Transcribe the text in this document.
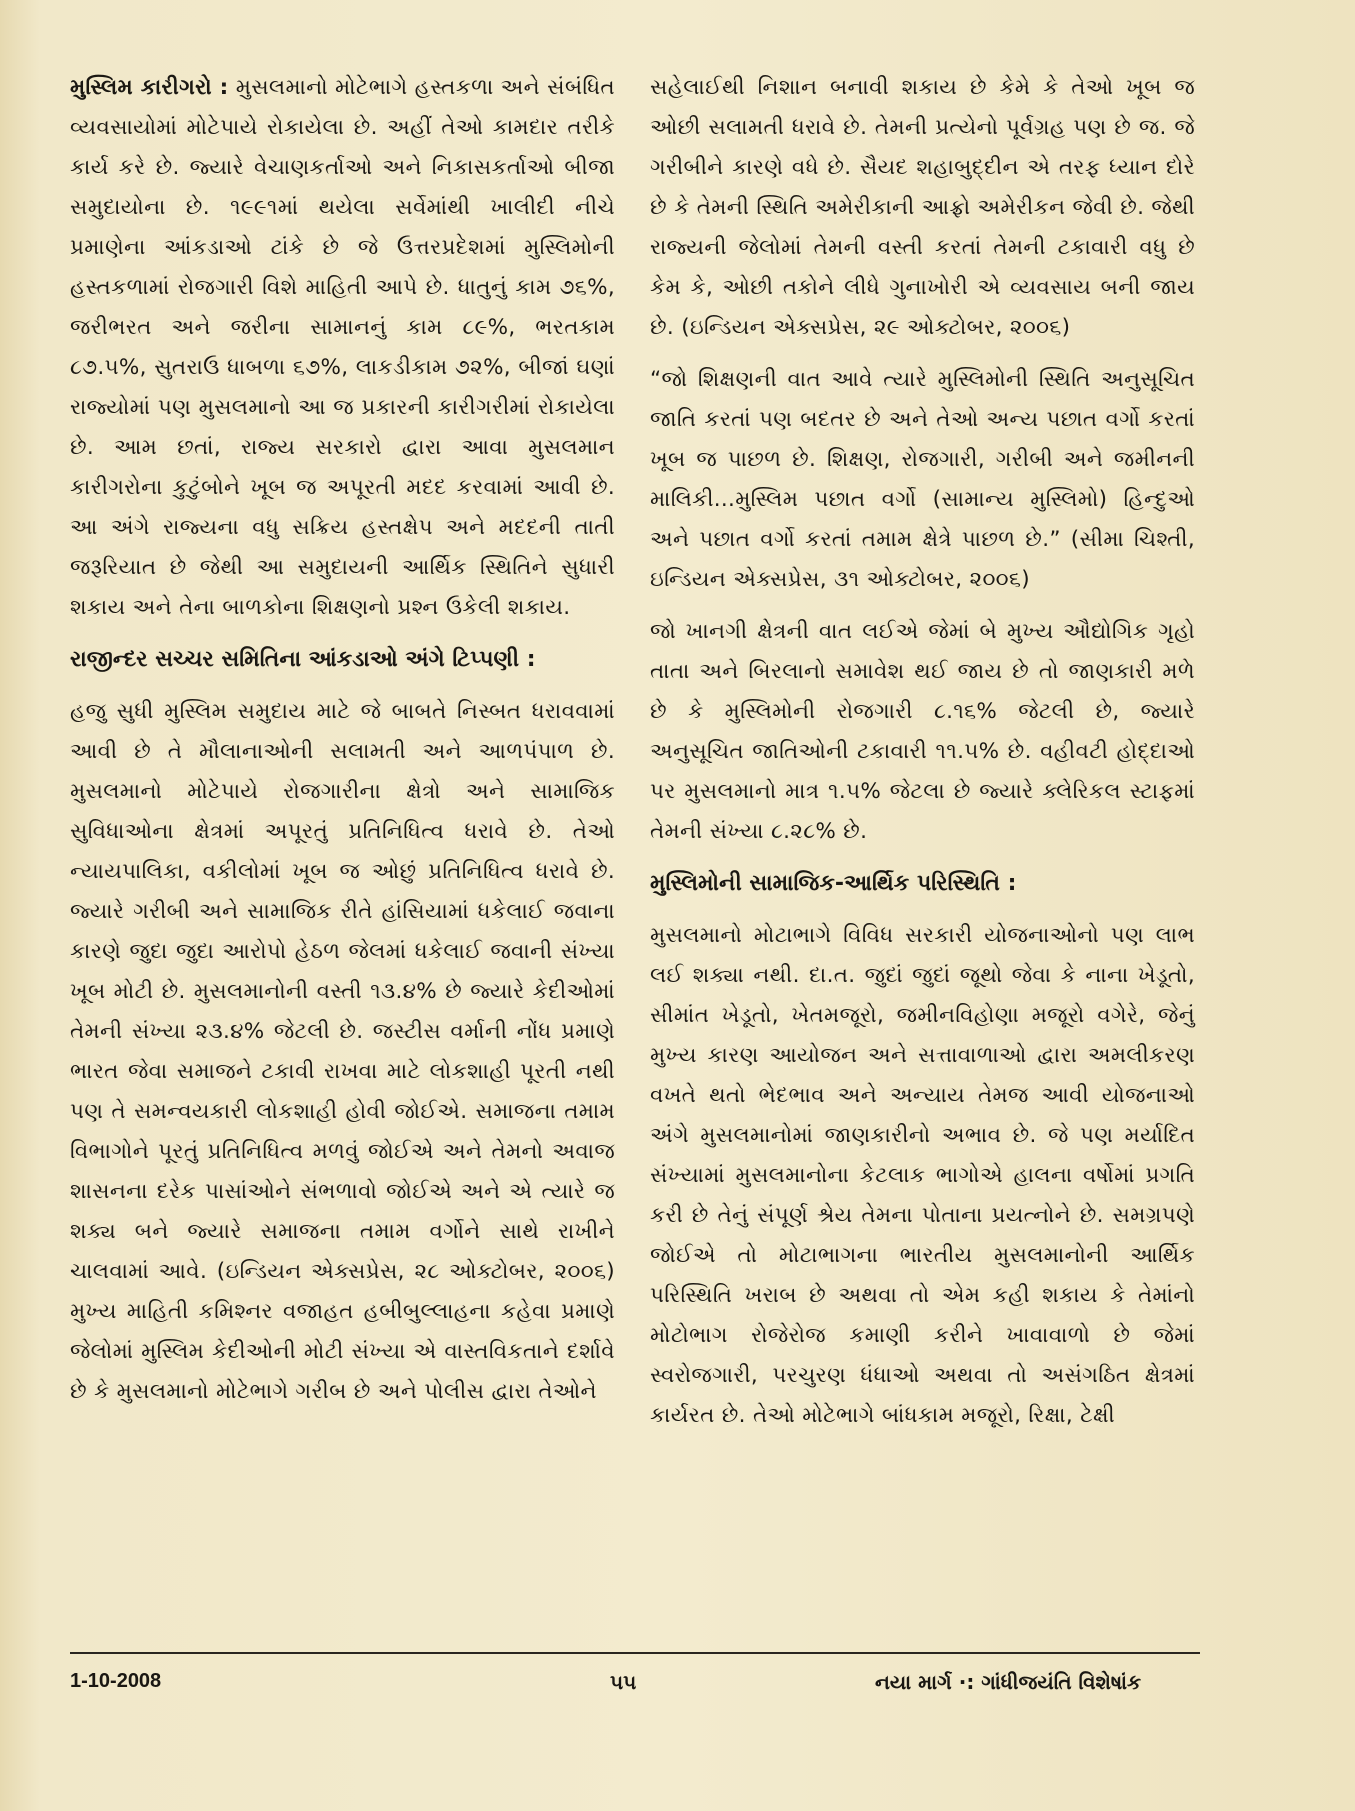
મુસ્લિમ કારીગરો : મુસલમાનો મોટેભાગે હસ્તકળા અને સંબંધિત વ્યવસાયોમાં મોટેપાયે રોકાયેલા છે. અહીં તેઓ કામદાર તરીકે કાર્ય કરે છે. જ્યારે વેચાણકર્તાઓ અને નિકાસકર્તાઓ બીજા સમુદાયોના છે. ૧૯૯૧માં થયેલા સર્વેમાંથી ખાલીદી નીચે પ્રમાણેના આંકડાઓ ટાંકે છે જે ઉત્તરપ્રદેશમાં મુસ્લિમોની હસ્તકળામાં રોજગારી વિશે માહિતી આપે છે. ધાતુનું કામ ૭૬%, જરીભરત અને જરીના સામાનનું કામ ૮૯%, ભરતકામ ૮૭.૫%, સુતરાઉ ધાબળા ૬૭%, લાકડીકામ ૭૨%, બીજાં ઘણાં રાજ્યોમાં પણ મુસલમાનો આ જ પ્રકારની કારીગરીમાં રોકાયેલા છે. આમ છતાં, રાજ્ય સરકારો દ્વારા આવા મુસલમાન કારીગરોના કુટુંબોને ખૂબ જ અપૂરતી મદદ કરવામાં આવી છે. આ અંગે રાજ્યના વધુ સક્રિય હસ્તક્ષેપ અને મદદની તાતી જરૂરિયાત છે જેથી આ સમુદાયની આર્થિક સ્થિતિને સુધારી શકાય અને તેના બાળકોના શિક્ષણનો પ્રશ્ન ઉકેલી શકાય.

રાજીન્દર સચ્ચર સમિતિના આંકડાઓ અંગે ટિપ્પણી :

હજુ સુધી મુસ્લિમ સમુદાય માટે જે બાબતે નિસ્બત ધરાવવામાં આવી છે તે મૌલાનાઓની સલામતી અને આળપંપાળ છે. મુસલમાનો મોટેપાયે રોજગારીના ક્ષેત્રો અને સામાજિક સુવિધાઓના ક્ષેત્રમાં અપૂરતું પ્રતિનિધિત્વ ધરાવે છે. તેઓ ન્યાયપાલિકા, વકીલોમાં ખૂબ જ ઓછું પ્રતિનિધિત્વ ધરાવે છે. જ્યારે ગરીબી અને સામાજિક રીતે હાંસિયામાં ધકેલાઈ જવાના કારણે જુદા જુદા આરોપો હેઠળ જેલમાં ધકેલાઈ જવાની સંખ્યા ખૂબ મોટી છે. મુસલમાનોની વસ્તી ૧૩.૪% છે જ્યારે કેદીઓમાં તેમની સંખ્યા ૨૩.૪% જેટલી છે. જસ્ટીસ વર્માની નોંધ પ્રમાણે ભારત જેવા સમાજને ટકાવી રાખવા માટે લોકશાહી પૂરતી નથી પણ તે સમન્વયકારી લોકશાહી હોવી જોઈએ. સમાજના તમામ વિભાગોને પૂરતું પ્રતિનિધિત્વ મળવું જોઈએ અને તેમનો અવાજ શાસનના દરેક પાસાંઓને સંભળાવો જોઈએ અને એ ત્યારે જ શક્ય બને જ્યારે સમાજના તમામ વર્ગોને સાથે રાખીને ચાલવામાં આવે. (ઇન્ડિયન એક્સપ્રેસ, ૨૮ ઓક્ટોબર, ૨૦૦૬) મુખ્ય માહિતી કમિશ્નર વજાહત હબીબુલ્લાહના કહેવા પ્રમાણે જેલોમાં મુસ્લિમ કેદીઓની મોટી સંખ્યા એ વાસ્તવિકતાને દર્શાવે છે કે મુસલમાનો મોટેભાગે ગરીબ છે અને પોલીસ દ્વારા તેઓને

સહેલાઈથી નિશાન બનાવી શકાય છે કેમે કે તેઓ ખૂબ જ ઓછી સલામતી ધરાવે છે. તેમની પ્રત્યેનો પૂર્વગ્રહ પણ છે જ. જે ગરીબીને કારણે વધે છે. સૈયદ શહાબુદ્દીન એ તરફ ધ્યાન દોરે છે કે તેમની સ્થિતિ અમેરીકાની આફ્રો અમેરીકન જેવી છે. જેથી રાજ્યની જેલોમાં તેમની વસ્તી કરતાં તેમની ટકાવારી વધુ છે કેમ કે, ઓછી તકોને લીધે ગુનાખોરી એ વ્યવસાય બની જાય છે. (ઇન્ડિયન એક્સપ્રેસ, ૨૯ ઓક્ટોબર, ૨૦૦૬)

“જો શિક્ષણની વાત આવે ત્યારે મુસ્લિમોની સ્થિતિ અનુસૂચિત જાતિ કરતાં પણ બદતર છે અને તેઓ અન્ય પછાત વર્ગો કરતાં ખૂબ જ પાછળ છે. શિક્ષણ, રોજગારી, ગરીબી અને જમીનની માલિકી...મુસ્લિમ પછાત વર્ગો (સામાન્ય મુસ્લિમો) હિન્દુઓ અને પછાત વર્ગો કરતાં તમામ ક્ષેત્રે પાછળ છે.” (સીમા ચિશ્તી, ઇન્ડિયન એક્સપ્રેસ, ૩૧ ઓક્ટોબર, ૨૦૦૬)

જો ખાનગી ક્ષેત્રની વાત લઈએ જેમાં બે મુખ્ય ઔદ્યોગિક ગૃહો તાતા અને બિરલાનો સમાવેશ થઈ જાય છે તો જાણકારી મળે છે કે મુસ્લિમોની રોજગારી ૮.૧૬% જેટલી છે, જ્યારે અનુસૂચિત જાતિઓની ટકાવારી ૧૧.૫% છે. વહીવટી હોદ્દાઓ પર મુસલમાનો માત્ર ૧.૫% જેટલા છે જ્યારે ક્લેરિકલ સ્ટાફમાં તેમની સંખ્યા ૮.૨૮% છે.

મુસ્લિમોની સામાજિક-આર્થિક પરિસ્થિતિ :

મુસલમાનો મોટાભાગે વિવિધ સરકારી યોજનાઓનો પણ લાભ લઈ શક્યા નથી. દા.ત. જુદાં જુદાં જૂથો જેવા કે નાના ખેડૂતો, સીમાંત ખેડૂતો, ખેતમજૂરો, જમીનવિહોણા મજૂરો વગેરે, જેનું મુખ્ય કારણ આયોજન અને સત્તાવાળાઓ દ્વારા અમલીકરણ વખતે થતો ભેદભાવ અને અન્યાય તેમજ આવી યોજનાઓ અંગે મુસલમાનોમાં જાણકારીનો અભાવ છે. જે પણ મર્યાદિત સંખ્યામાં મુસલમાનોના કેટલાક ભાગોએ હાલના વર્ષોમાં પ્રગતિ કરી છે તેનું સંપૂર્ણ શ્રેય તેમના પોતાના પ્રયત્નોને છે. સમગ્રપણે જોઈએ તો મોટાભાગના ભારતીય મુસલમાનોની આર્થિક પરિસ્થિતિ ખરાબ છે અથવા તો એમ કહી શકાય કે તેમાંનો મોટોભાગ રોજેરોજ કમાણી કરીને ખાવાવાળો છે જેમાં સ્વરોજગારી, પરચુરણ ધંધાઓ અથવા તો અસંગઠિત ક્ષેત્રમાં કાર્યરત છે. તેઓ મોટેભાગે બાંધકામ મજૂરો, રિક્ષા, ટેક્ષી

1-10-2008	૫૫	નયા માર્ગ ·: ગાંધીજયંતિ વિશેષાંક
